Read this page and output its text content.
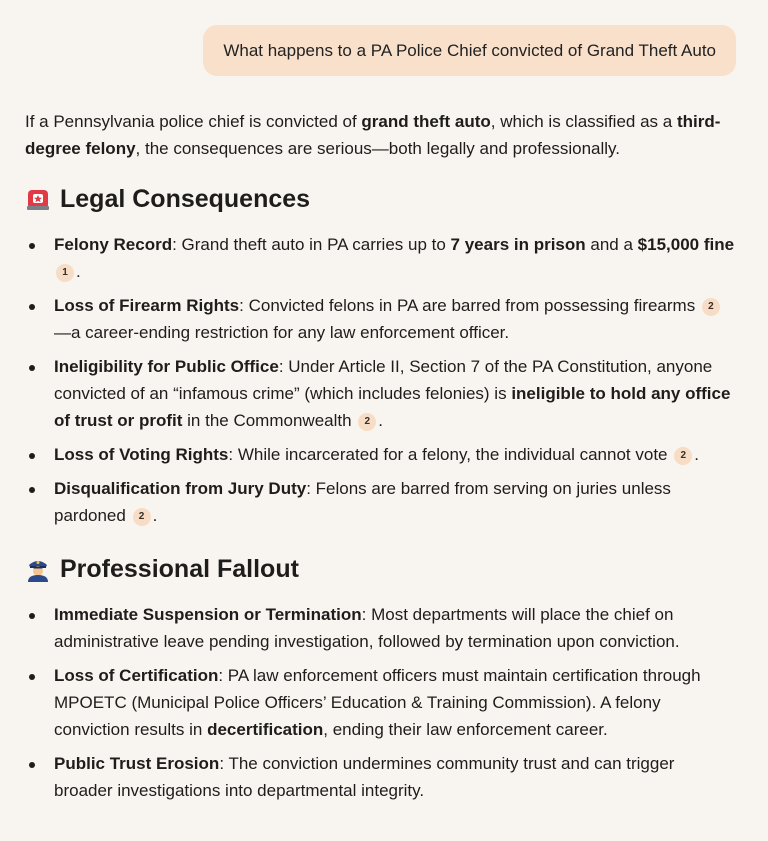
What happens to a PA Police Chief convicted of Grand Theft Auto

If a Pennsylvania police chief is convicted of grand theft auto, which is classified as a third-degree felony, the consequences are serious—both legally and professionally.

Legal Consequences
Felony Record: Grand theft auto in PA carries up to 7 years in prison and a $15,000 fine 1 .
Loss of Firearm Rights: Convicted felons in PA are barred from possessing firearms 2—a career-ending restriction for any law enforcement officer.
Ineligibility for Public Office: Under Article II, Section 7 of the PA Constitution, anyone convicted of an “infamous crime” (which includes felonies) is ineligible to hold any office of trust or profit in the Commonwealth 2 .
Loss of Voting Rights: While incarcerated for a felony, the individual cannot vote 2 .
Disqualification from Jury Duty: Felons are barred from serving on juries unless pardoned 2 .
Professional Fallout
Immediate Suspension or Termination: Most departments will place the chief on administrative leave pending investigation, followed by termination upon conviction.
Loss of Certification: PA law enforcement officers must maintain certification through MPOETC (Municipal Police Officers’ Education & Training Commission). A felony conviction results in decertification, ending their law enforcement career.
Public Trust Erosion: The conviction undermines community trust and can trigger broader investigations into departmental integrity.
